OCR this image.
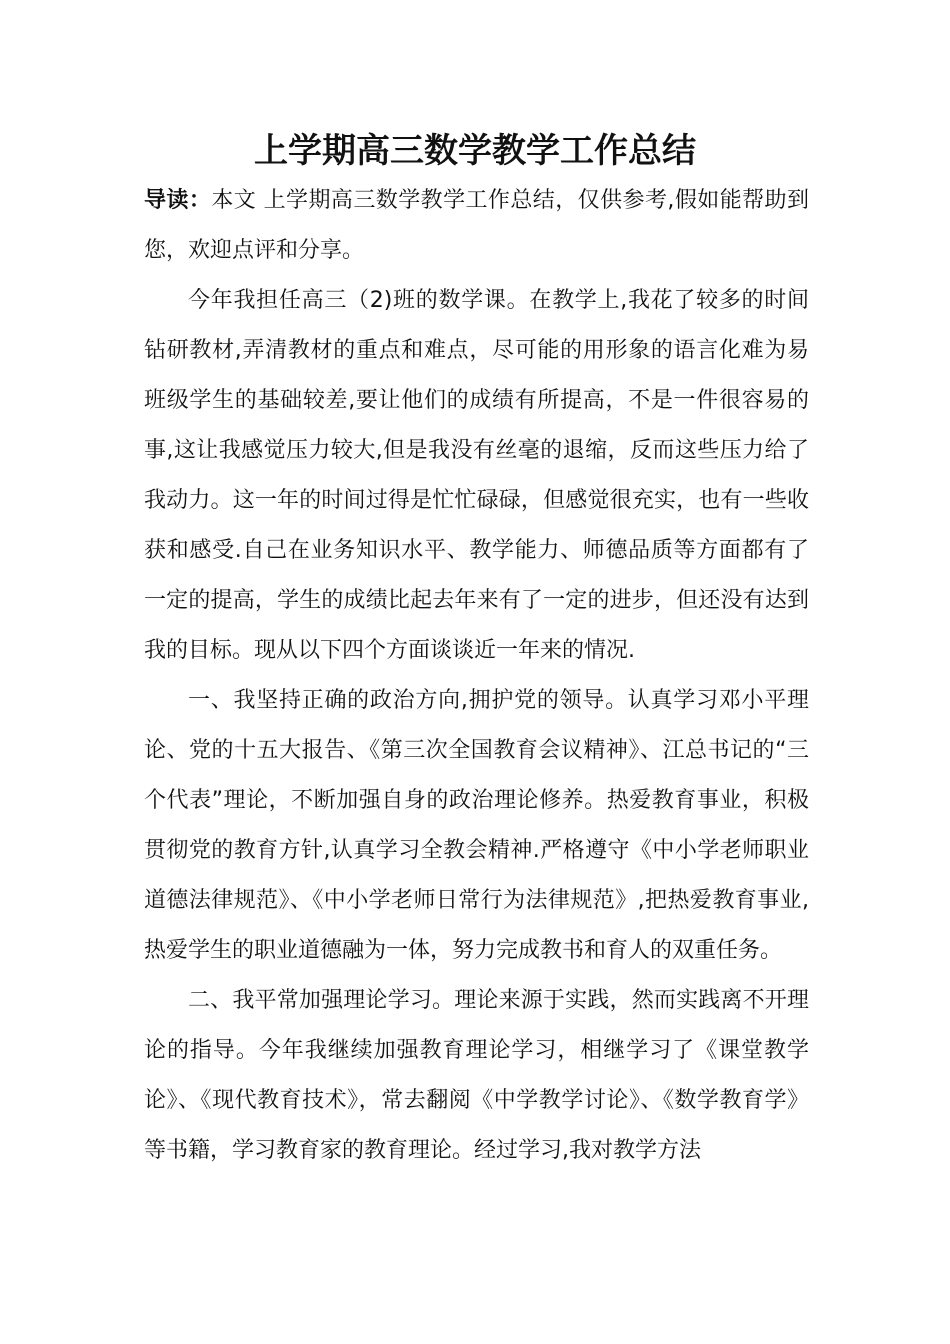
上学期高三数学教学工作总结

导读：本文 上学期高三数学教学工作总结，仅供参考,假如能帮助到您，欢迎点评和分享。

今年我担任高三（2)班的数学课。在教学上,我花了较多的时间钻研教材,弄清教材的重点和难点，尽可能的用形象的语言化难为易班级学生的基础较差,要让他们的成绩有所提高，不是一件很容易的事,这让我感觉压力较大,但是我没有丝毫的退缩，反而这些压力给了我动力。这一年的时间过得是忙忙碌碌，但感觉很充实，也有一些收获和感受.自己在业务知识水平、教学能力、师德品质等方面都有了一定的提高，学生的成绩比起去年来有了一定的进步，但还没有达到我的目标。现从以下四个方面谈谈近一年来的情况.

一、我坚持正确的政治方向,拥护党的领导。认真学习邓小平理论、党的十五大报告、《第三次全国教育会议精神》、江总书记的“三个代表”理论，不断加强自身的政治理论修养。热爱教育事业，积极贯彻党的教育方针,认真学习全教会精神.严格遵守《中小学老师职业道德法律规范》、《中小学老师日常行为法律规范》,把热爱教育事业,热爱学生的职业道德融为一体，努力完成教书和育人的双重任务。

二、我平常加强理论学习。理论来源于实践，然而实践离不开理论的指导。今年我继续加强教育理论学习，相继学习了《课堂教学论》、《现代教育技术》，常去翻阅《中学教学讨论》、《数学教育学》等书籍，学习教育家的教育理论。经过学习,我对教学方法
